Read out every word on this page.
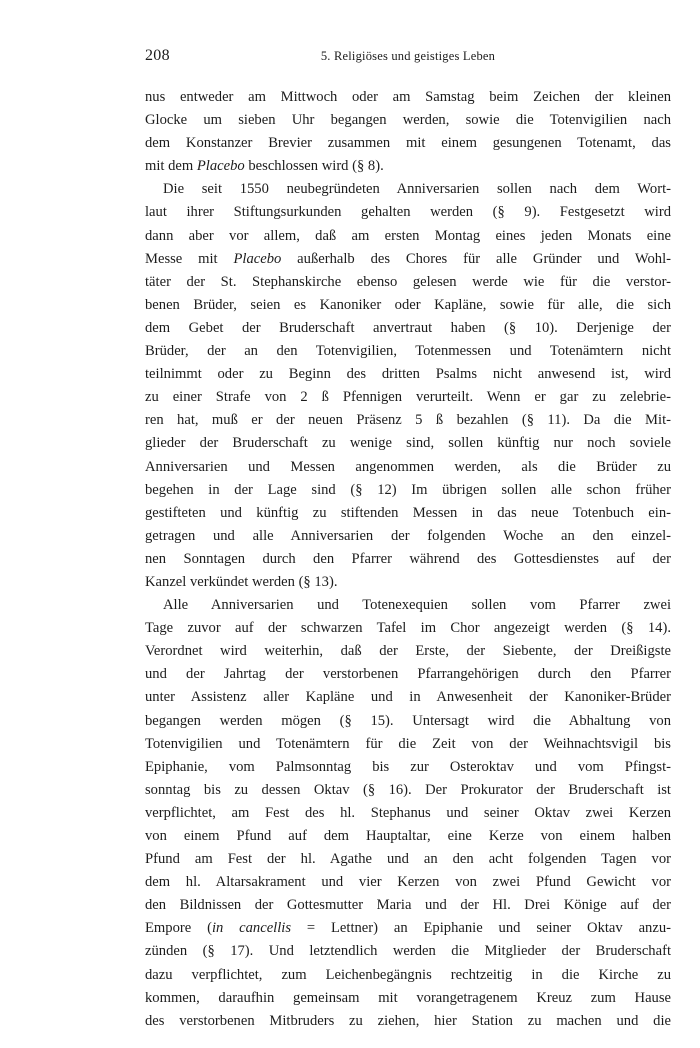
208	5. Religiöses und geistiges Leben
nus entweder am Mittwoch oder am Samstag beim Zeichen der kleinen
Glocke um sieben Uhr begangen werden, sowie die Totenvigilien nach
dem Konstanzer Brevier zusammen mit einem gesungenen Totenamt, das
mit dem Placebo beschlossen wird (§ 8).
Die seit 1550 neubegründeten Anniversarien sollen nach dem Wort-
laut ihrer Stiftungsurkunden gehalten werden (§ 9). Festgesetzt wird
dann aber vor allem, daß am ersten Montag eines jeden Monats eine
Messe mit Placebo außerhalb des Chores für alle Gründer und Wohl-
täter der St. Stephanskirche ebenso gelesen werde wie für die verstor-
benen Brüder, seien es Kanoniker oder Kapläne, sowie für alle, die sich
dem Gebet der Bruderschaft anvertraut haben (§ 10). Derjenige der
Brüder, der an den Totenvigilien, Totenmessen und Totenämtern nicht
teilnimmt oder zu Beginn des dritten Psalms nicht anwesend ist, wird
zu einer Strafe von 2 ß Pfennigen verurteilt. Wenn er gar zu zelebrie-
ren hat, muß er der neuen Präsenz 5 ß bezahlen (§ 11). Da die Mit-
glieder der Bruderschaft zu wenige sind, sollen künftig nur noch soviele
Anniversarien und Messen angenommen werden, als die Brüder zu
begehen in der Lage sind (§ 12) Im übrigen sollen alle schon früher
gestifteten und künftig zu stiftenden Messen in das neue Totenbuch ein-
getragen und alle Anniversarien der folgenden Woche an den einzel-
nen Sonntagen durch den Pfarrer während des Gottesdienstes auf der
Kanzel verkündet werden (§ 13).
Alle Anniversarien und Totenexequien sollen vom Pfarrer zwei
Tage zuvor auf der schwarzen Tafel im Chor angezeigt werden (§ 14).
Verordnet wird weiterhin, daß der Erste, der Siebente, der Dreißigste
und der Jahrtag der verstorbenen Pfarrangehörigen durch den Pfarrer
unter Assistenz aller Kapläne und in Anwesenheit der Kanoniker-Brüder
begangen werden mögen (§ 15). Untersagt wird die Abhaltung von
Totenvigilien und Totenämtern für die Zeit von der Weihnachtsvigil bis
Epiphanie, vom Palmsonntag bis zur Osteroktav und vom Pfingst-
sonntag bis zu dessen Oktav (§ 16). Der Prokurator der Bruderschaft ist
verpflichtet, am Fest des hl. Stephanus und seiner Oktav zwei Kerzen
von einem Pfund auf dem Hauptaltar, eine Kerze von einem halben
Pfund am Fest der hl. Agathe und an den acht folgenden Tagen vor
dem hl. Altarsakrament und vier Kerzen von zwei Pfund Gewicht vor
den Bildnissen der Gottesmutter Maria und der Hl. Drei Könige auf der
Empore (in cancellis = Lettner) an Epiphanie und seiner Oktav anzu-
zünden (§ 17). Und letztendlich werden die Mitglieder der Bruderschaft
dazu verpflichtet, zum Leichenbegängnis rechtzeitig in die Kirche zu
kommen, daraufhin gemeinsam mit vorangetragenem Kreuz zum Hause
des verstorbenen Mitbruders zu ziehen, hier Station zu machen und die
